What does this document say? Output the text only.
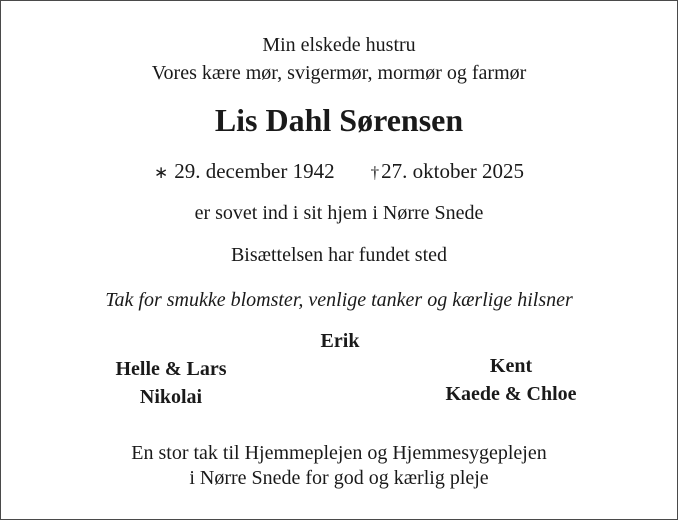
Min elskede hustru
Vores kære mør, svigermør, mormør og farmør
Lis Dahl Sørensen
∗ 29. december 1942 †27. oktober 2025
er sovet ind i sit hjem i Nørre Snede
Bisættelsen har fundet sted
Tak for smukke blomster, venlige tanker og kærlige hilsner
Erik
Helle & Lars
Nikolai
Kent
Kaede & Chloe
En stor tak til Hjemmeplejen og Hjemmesygeplejen
i Nørre Snede for god og kærlig pleje
